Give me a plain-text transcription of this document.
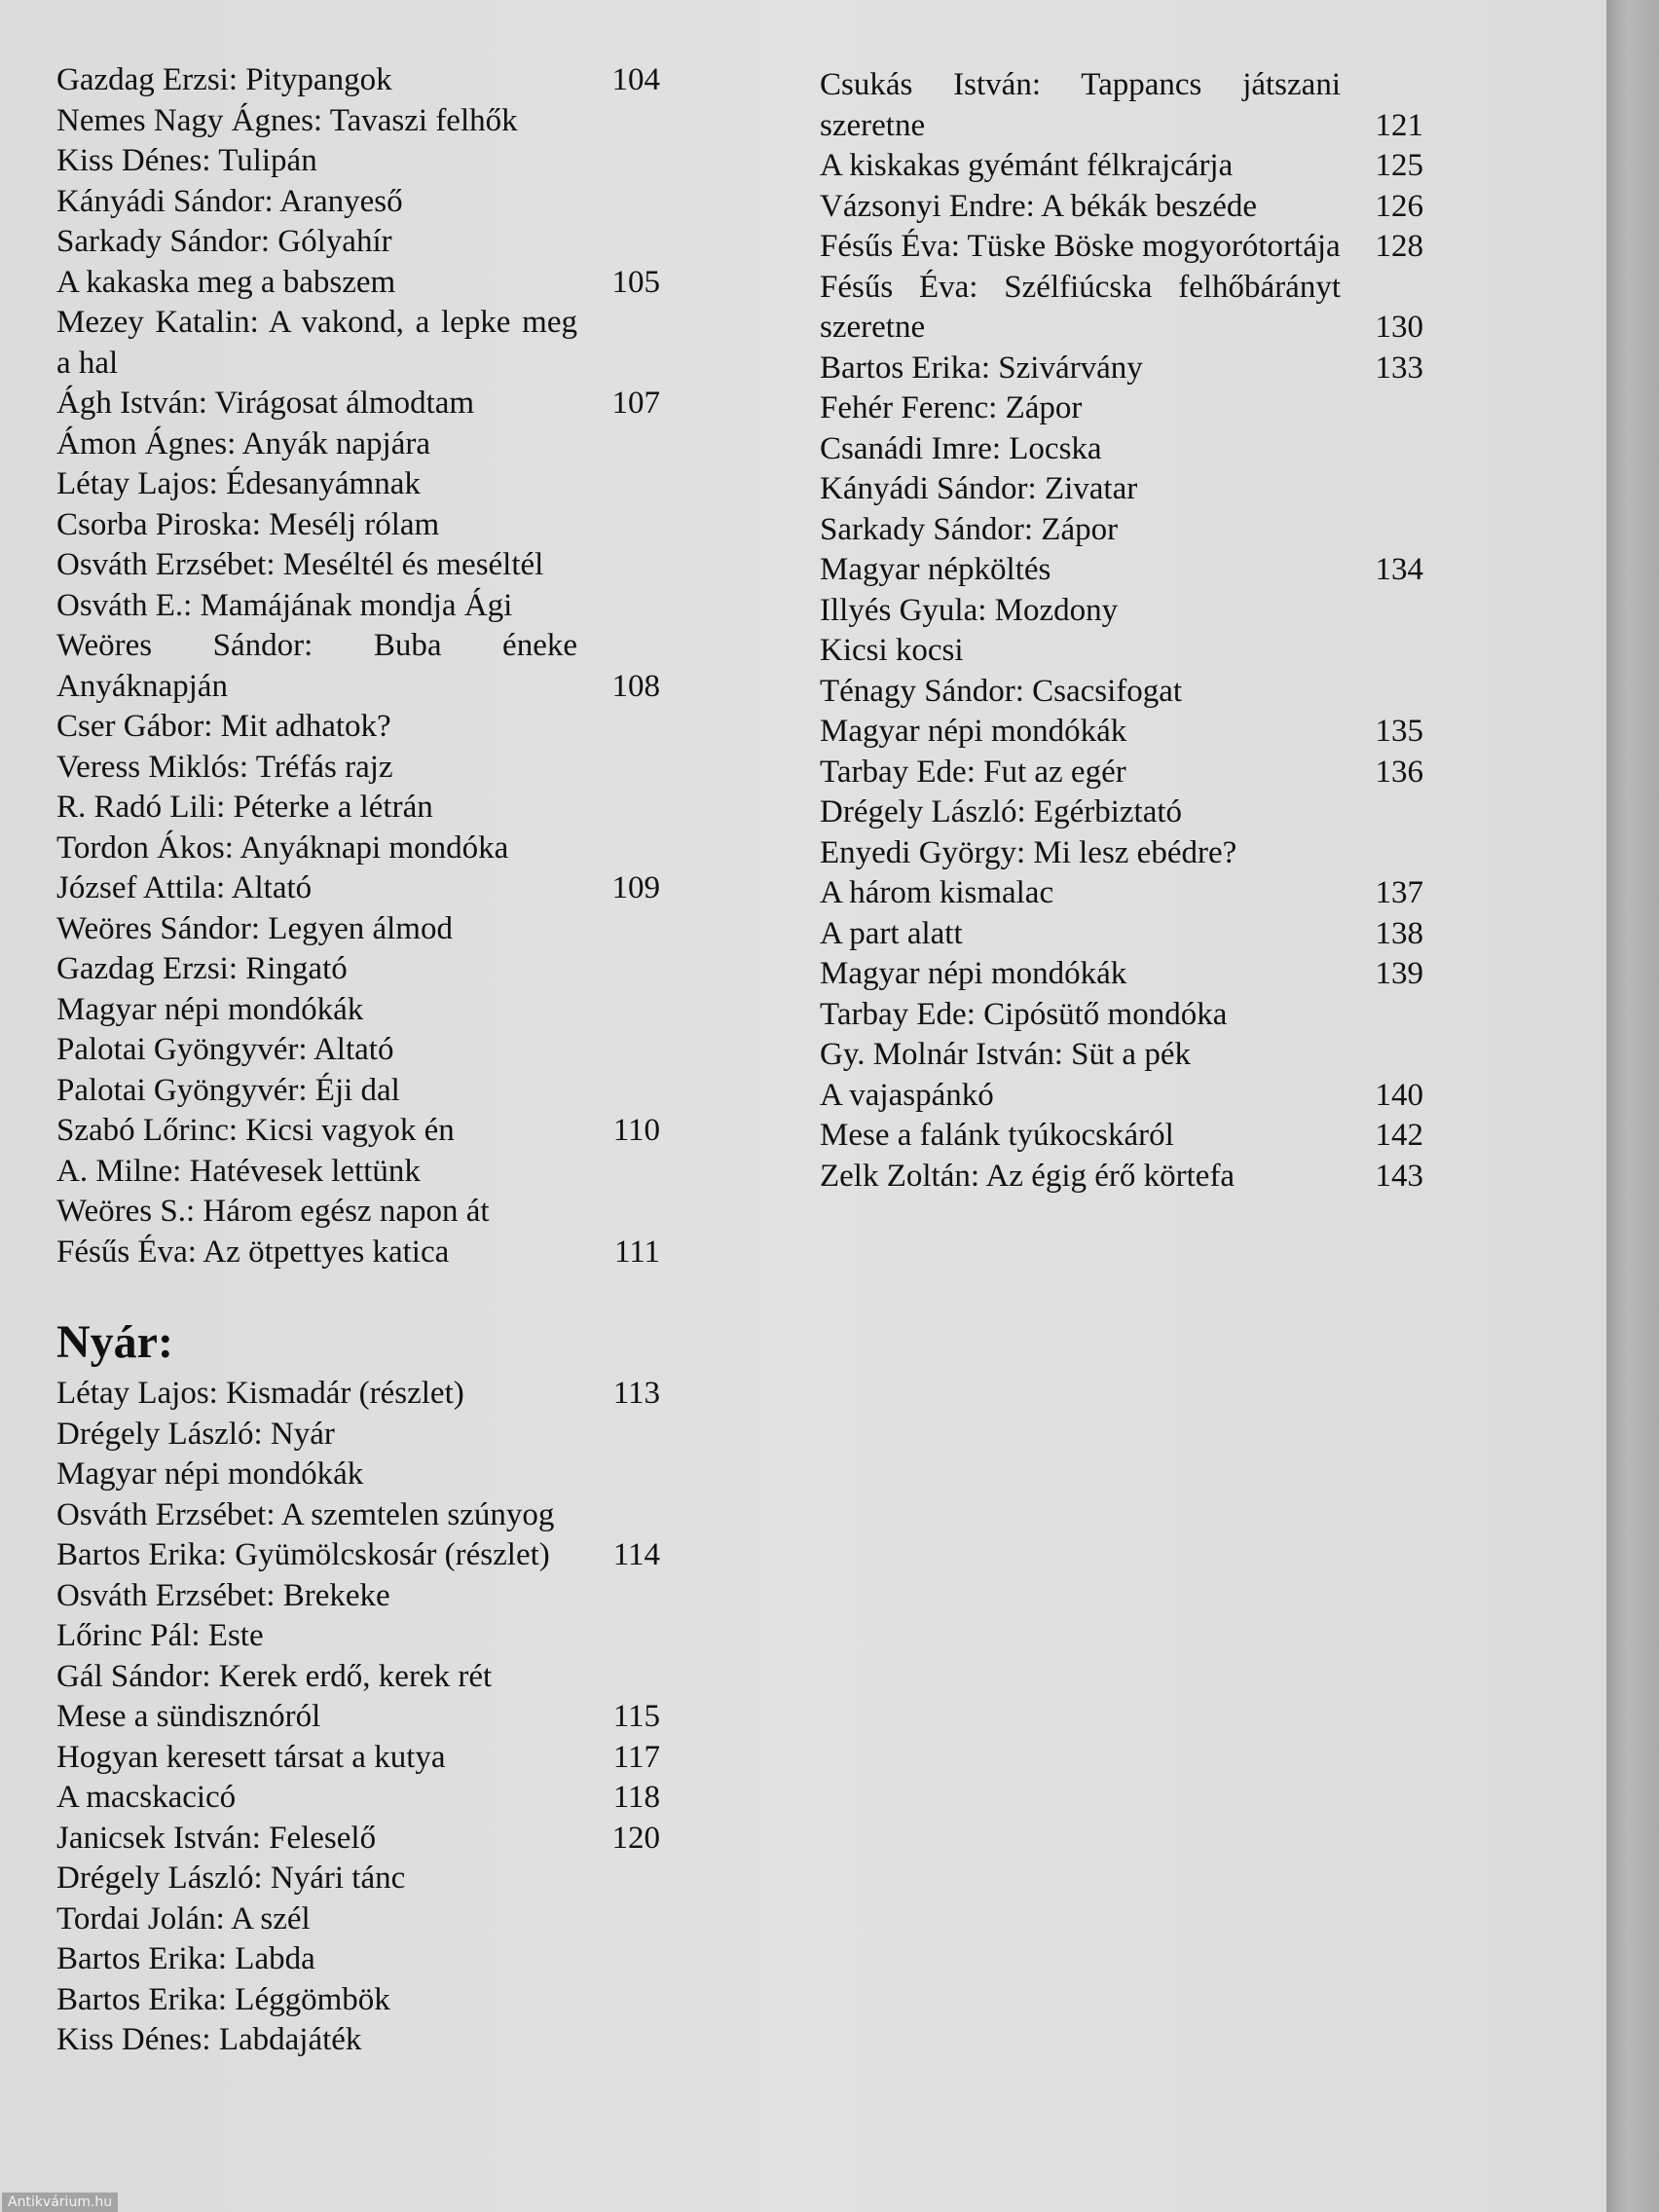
Gazdag Erzsi: Pitypangok	104
Nemes Nagy Ágnes: Tavaszi felhők
Kiss Dénes: Tulipán
Kányádi Sándor: Aranyeső
Sarkady Sándor: Gólyahír
A kakaska meg a babszem	105
Mezey Katalin: A vakond, a lepke meg a hal
Ágh István: Virágosat álmodtam	107
Ámon Ágnes: Anyák napjára
Létay Lajos: Édesanyámnak
Csorba Piroska: Mesélj rólam
Osváth Erzsébet: Meséltél és meséltél
Osváth E.: Mamájának mondja Ági
Weöres Sándor: Buba éneke Anyáknapján	108
Cser Gábor: Mit adhatok?
Veress Miklós: Tréfás rajz
R. Radó Lili: Péterke a létrán
Tordon Ákos: Anyáknapi mondóka
József Attila: Altató	109
Weöres Sándor: Legyen álmod
Gazdag Erzsi: Ringató
Magyar népi mondókák
Palotai Gyöngyvér: Altató
Palotai Gyöngyvér: Éji dal
Szabó Lőrinc: Kicsi vagyok én	110
A. Milne: Hatévesek lettünk
Weöres S.: Három egész napon át
Fésűs Éva: Az ötpettyes katica	111
Nyár:
Létay Lajos: Kismadár (részlet)	113
Drégely László: Nyár
Magyar népi mondókák
Osváth Erzsébet: A szemtelen szúnyog
Bartos Erika: Gyümölcskosár (részlet)	114
Osváth Erzsébet: Brekeke
Lőrinc Pál: Este
Gál Sándor: Kerek erdő, kerek rét
Mese a sündisznóról	115
Hogyan keresett társat a kutya	117
A macskacicó	118
Janicsek István: Feleselő	120
Drégely László: Nyári tánc
Tordai Jolán: A szél
Bartos Erika: Labda
Bartos Erika: Léggömbök
Kiss Dénes: Labdajáték
Csukás István: Tappancs játszani szeretne	121
A kiskakas gyémánt félkrajcárja	125
Vázsonyi Endre: A békák beszéde	126
Fésűs Éva: Tüske Böske mogyorótortája	128
Fésűs Éva: Szélfiúcska felhőbárányt szeretne	130
Bartos Erika: Szivárvány	133
Fehér Ferenc: Zápor
Csanádi Imre: Locska
Kányádi Sándor: Zivatar
Sarkady Sándor: Zápor
Magyar népköltés	134
Illyés Gyula: Mozdony
Kicsi kocsi
Ténagy Sándor: Csacsifogat
Magyar népi mondókák	135
Tarbay Ede: Fut az egér	136
Drégely László: Egérbiztató
Enyedi György: Mi lesz ebédre?
A három kismalac	137
A part alatt	138
Magyar népi mondókák	139
Tarbay Ede: Cipósütő mondóka
Gy. Molnár István: Süt a pék
A vajaspánkó	140
Mese a falánk tyúkocskáról	142
Zelk Zoltán: Az égig érő körtefa	143
Antikvárium.hu
